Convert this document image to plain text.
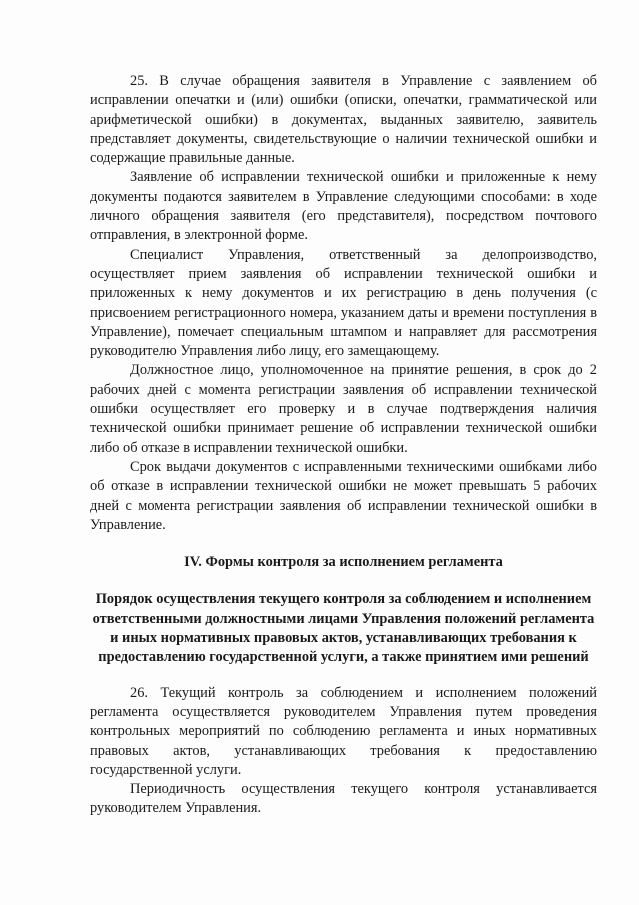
25. В случае обращения заявителя в Управление с заявлением об исправлении опечатки и (или) ошибки (описки, опечатки, грамматической или арифметической ошибки) в документах, выданных заявителю, заявитель представляет документы, свидетельствующие о наличии технической ошибки и содержащие правильные данные.

Заявление об исправлении технической ошибки и приложенные к нему документы подаются заявителем в Управление следующими способами: в ходе личного обращения заявителя (его представителя), посредством почтового отправления, в электронной форме.

Специалист Управления, ответственный за делопроизводство, осуществляет прием заявления об исправлении технической ошибки и приложенных к нему документов и их регистрацию в день получения (с присвоением регистрационного номера, указанием даты и времени поступления в Управление), помечает специальным штампом и направляет для рассмотрения руководителю Управления либо лицу, его замещающему.

Должностное лицо, уполномоченное на принятие решения, в срок до 2 рабочих дней с момента регистрации заявления об исправлении технической ошибки осуществляет его проверку и в случае подтверждения наличия технической ошибки принимает решение об исправлении технической ошибки либо об отказе в исправлении технической ошибки.

Срок выдачи документов с исправленными техническими ошибками либо об отказе в исправлении технической ошибки не может превышать 5 рабочих дней с момента регистрации заявления об исправлении технической ошибки в Управление.

IV. Формы контроля за исполнением регламента

Порядок осуществления текущего контроля за соблюдением и исполнением ответственными должностными лицами Управления положений регламента и иных нормативных правовых актов, устанавливающих требования к предоставлению государственной услуги, а также принятием ими решений

26. Текущий контроль за соблюдением и исполнением положений регламента осуществляется руководителем Управления путем проведения контрольных мероприятий по соблюдению регламента и иных нормативных правовых актов, устанавливающих требования к предоставлению государственной услуги.

Периодичность осуществления текущего контроля устанавливается руководителем Управления.
